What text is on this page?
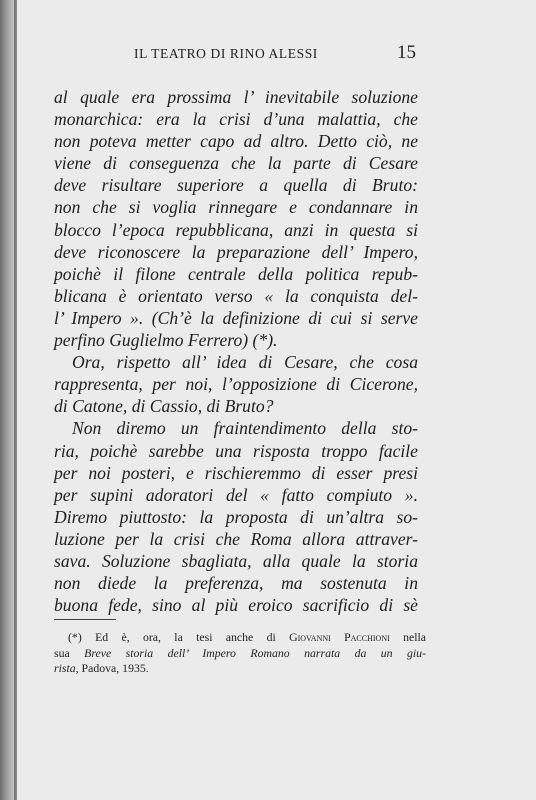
IL TEATRO DI RINO ALESSI	15
al quale era prossima l’ inevitabile soluzione
monarchica: era la crisi d’una malattia, che
non poteva metter capo ad altro. Detto ciò, ne
viene di conseguenza che la parte di Cesare
deve risultare superiore a quella di Bruto:
non che si voglia rinnegare e condannare in
blocco l’epoca repubblicana, anzi in questa si
deve riconoscere la preparazione dell’ Impero,
poichè il filone centrale della politica repub-
blicana è orientato verso « la conquista del-
l’ Impero ». (Ch’è la definizione di cui si serve
perfino Guglielmo Ferrero) (*).
Ora, rispetto all’ idea di Cesare, che cosa
rappresenta, per noi, l’opposizione di Cicerone,
di Catone, di Cassio, di Bruto?
Non diremo un fraintendimento della sto-
ria, poichè sarebbe una risposta troppo facile
per noi posteri, e rischieremmo di esser presi
per supini adoratori del « fatto compiuto ».
Diremo piuttosto: la proposta di un’altra so-
luzione per la crisi che Roma allora attraver-
sava. Soluzione sbagliata, alla quale la storia
non diede la preferenza, ma sostenuta in
buona fede, sino al più eroico sacrificio di sè
(*) Ed è, ora, la tesi anche di Giovanni Pacchioni nella
sua Breve storia dell’ Impero Romano narrata da un giu-
rista, Padova, 1935.
